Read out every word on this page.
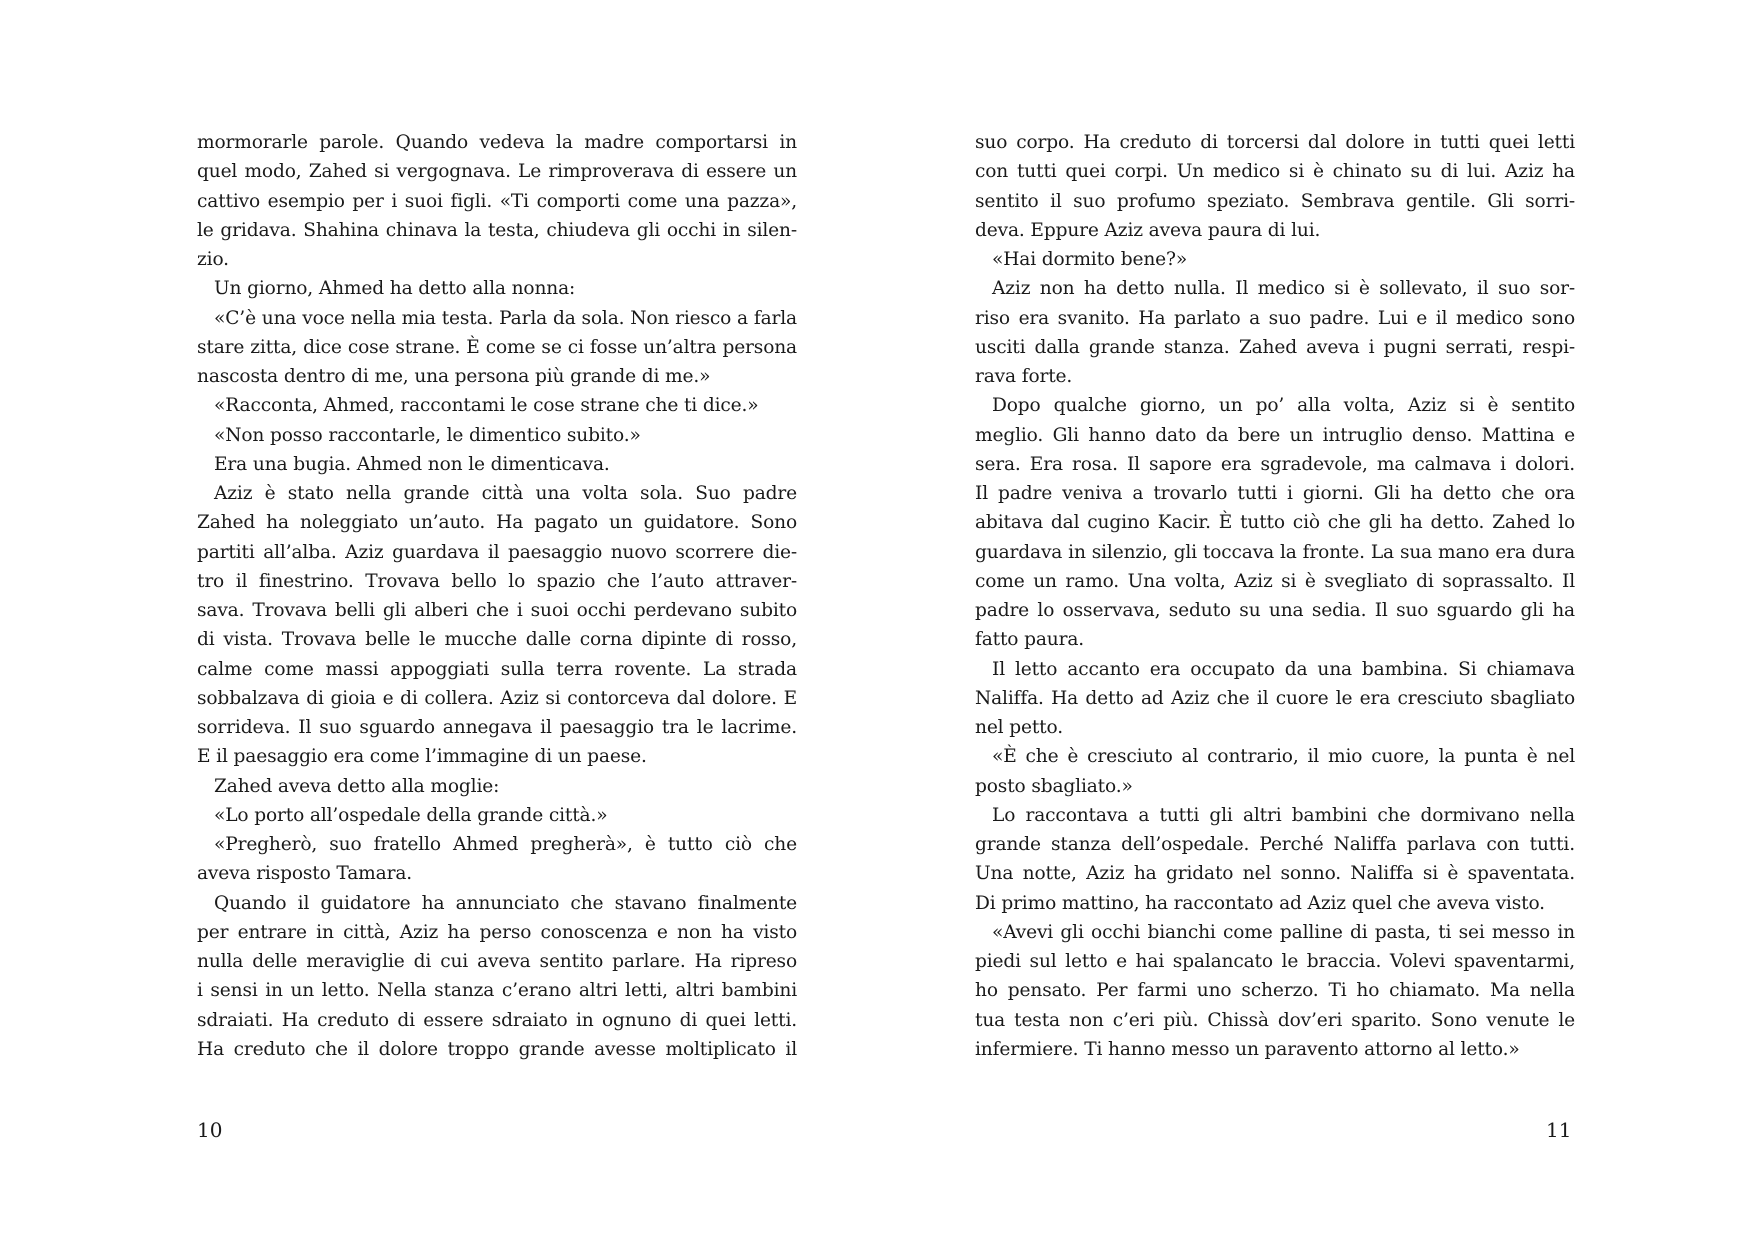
mormorarle parole. Quando vedeva la madre comportarsi in
quel modo, Zahed si vergognava. Le rimproverava di essere un
cattivo esempio per i suoi figli. «Ti comporti come una pazza»,
le gridava. Shahina chinava la testa, chiudeva gli occhi in silen-
zio.
Un giorno, Ahmed ha detto alla nonna:
«C’è una voce nella mia testa. Parla da sola. Non riesco a farla
stare zitta, dice cose strane. È come se ci fosse un’altra persona
nascosta dentro di me, una persona più grande di me.»
«Racconta, Ahmed, raccontami le cose strane che ti dice.»
«Non posso raccontarle, le dimentico subito.»
Era una bugia. Ahmed non le dimenticava.
Aziz è stato nella grande città una volta sola. Suo padre
Zahed ha noleggiato un’auto. Ha pagato un guidatore. Sono
partiti all’alba. Aziz guardava il paesaggio nuovo scorrere die-
tro il finestrino. Trovava bello lo spazio che l’auto attraver-
sava. Trovava belli gli alberi che i suoi occhi perdevano subito
di vista. Trovava belle le mucche dalle corna dipinte di rosso,
calme come massi appoggiati sulla terra rovente. La strada
sobbalzava di gioia e di collera. Aziz si contorceva dal dolore. E
sorrideva. Il suo sguardo annegava il paesaggio tra le lacrime.
E il paesaggio era come l’immagine di un paese.
Zahed aveva detto alla moglie:
«Lo porto all’ospedale della grande città.»
«Pregherò, suo fratello Ahmed pregherà», è tutto ciò che
aveva risposto Tamara.
Quando il guidatore ha annunciato che stavano finalmente
per entrare in città, Aziz ha perso conoscenza e non ha visto
nulla delle meraviglie di cui aveva sentito parlare. Ha ripreso
i sensi in un letto. Nella stanza c’erano altri letti, altri bambini
sdraiati. Ha creduto di essere sdraiato in ognuno di quei letti.
Ha creduto che il dolore troppo grande avesse moltiplicato il
10
suo corpo. Ha creduto di torcersi dal dolore in tutti quei letti
con tutti quei corpi. Un medico si è chinato su di lui. Aziz ha
sentito il suo profumo speziato. Sembrava gentile. Gli sorri-
deva. Eppure Aziz aveva paura di lui.
«Hai dormito bene?»
Aziz non ha detto nulla. Il medico si è sollevato, il suo sor-
riso era svanito. Ha parlato a suo padre. Lui e il medico sono
usciti dalla grande stanza. Zahed aveva i pugni serrati, respi-
rava forte.
Dopo qualche giorno, un po’ alla volta, Aziz si è sentito
meglio. Gli hanno dato da bere un intruglio denso. Mattina e
sera. Era rosa. Il sapore era sgradevole, ma calmava i dolori.
Il padre veniva a trovarlo tutti i giorni. Gli ha detto che ora
abitava dal cugino Kacir. È tutto ciò che gli ha detto. Zahed lo
guardava in silenzio, gli toccava la fronte. La sua mano era dura
come un ramo. Una volta, Aziz si è svegliato di soprassalto. Il
padre lo osservava, seduto su una sedia. Il suo sguardo gli ha
fatto paura.
Il letto accanto era occupato da una bambina. Si chiamava
Naliffa. Ha detto ad Aziz che il cuore le era cresciuto sbagliato
nel petto.
«È che è cresciuto al contrario, il mio cuore, la punta è nel
posto sbagliato.»
Lo raccontava a tutti gli altri bambini che dormivano nella
grande stanza dell’ospedale. Perché Naliffa parlava con tutti.
Una notte, Aziz ha gridato nel sonno. Naliffa si è spaventata.
Di primo mattino, ha raccontato ad Aziz quel che aveva visto.
«Avevi gli occhi bianchi come palline di pasta, ti sei messo in
piedi sul letto e hai spalancato le braccia. Volevi spaventarmi,
ho pensato. Per farmi uno scherzo. Ti ho chiamato. Ma nella
tua testa non c’eri più. Chissà dov’eri sparito. Sono venute le
infermiere. Ti hanno messo un paravento attorno al letto.»
11
